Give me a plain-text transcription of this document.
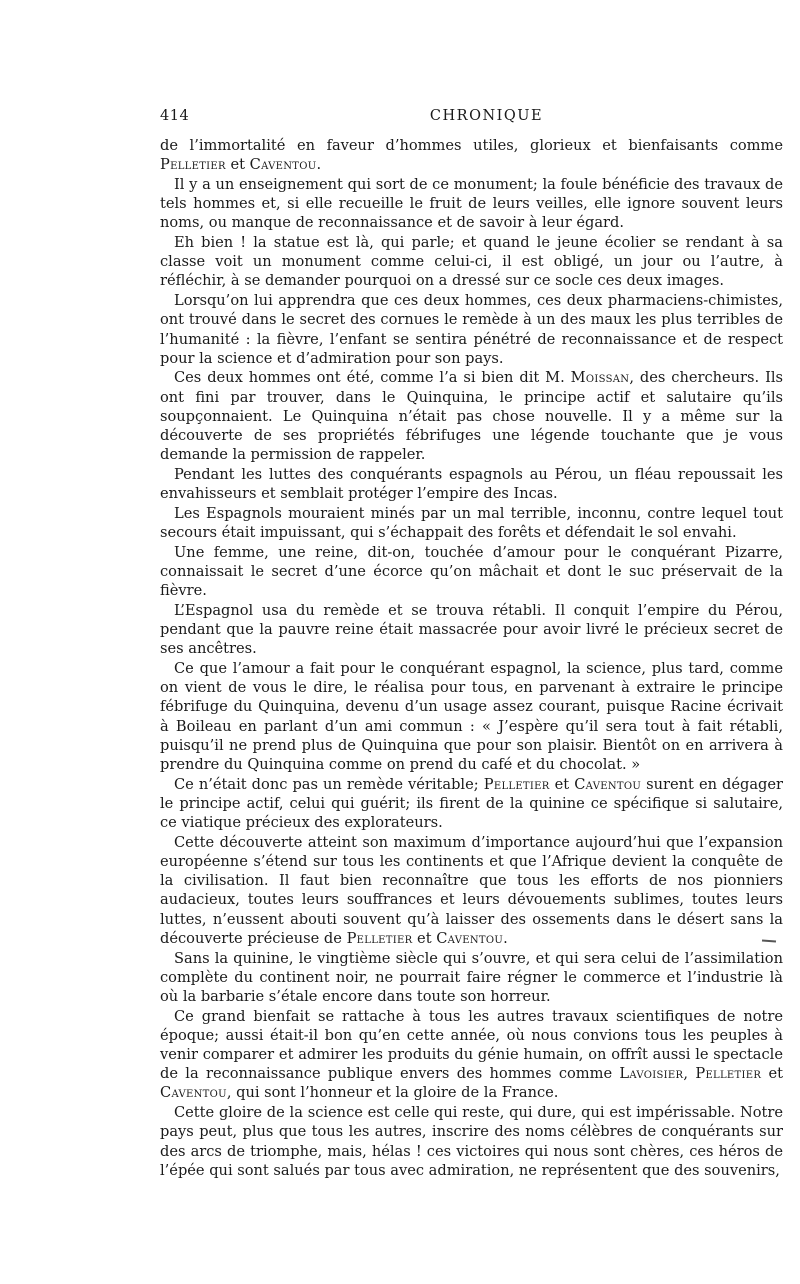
414	CHRONIQUE

de l’immortalité en faveur d’hommes utiles, glorieux et bienfaisants comme Pelletier et Caventou.

Il y a un enseignement qui sort de ce monument; la foule bénéficie des travaux de tels hommes et, si elle recueille le fruit de leurs veilles, elle ignore souvent leurs noms, ou manque de reconnaissance et de savoir à leur égard.

Eh bien ! la statue est là, qui parle; et quand le jeune écolier se rendant à sa classe voit un monument comme celui-ci, il est obligé, un jour ou l’autre, à réfléchir, à se demander pourquoi on a dressé sur ce socle ces deux images.

Lorsqu’on lui apprendra que ces deux hommes, ces deux pharmaciens-chimistes, ont trouvé dans le secret des cornues le remède à un des maux les plus terribles de l’humanité : la fièvre, l’enfant se sentira pénétré de reconnaissance et de respect pour la science et d’admiration pour son pays.

Ces deux hommes ont été, comme l’a si bien dit M. Moissan, des chercheurs. Ils ont fini par trouver, dans le Quinquina, le principe actif et salutaire qu’ils soupçonnaient. Le Quinquina n’était pas chose nouvelle. Il y a même sur la découverte de ses propriétés fébrifuges une légende touchante que je vous demande la permission de rappeler.

Pendant les luttes des conquérants espagnols au Pérou, un fléau repoussait les envahisseurs et semblait protéger l’empire des Incas.

Les Espagnols mouraient minés par un mal terrible, inconnu, contre lequel tout secours était impuissant, qui s’échappait des forêts et défendait le sol envahi.

Une femme, une reine, dit-on, touchée d’amour pour le conquérant Pizarre, connaissait le secret d’une écorce qu’on mâchait et dont le suc préservait de la fièvre.

L’Espagnol usa du remède et se trouva rétabli. Il conquit l’empire du Pérou, pendant que la pauvre reine était massacrée pour avoir livré le précieux secret de ses ancêtres.

Ce que l’amour a fait pour le conquérant espagnol, la science, plus tard, comme on vient de vous le dire, le réalisa pour tous, en parvenant à extraire le principe fébrifuge du Quinquina, devenu d’un usage assez courant, puisque Racine écrivait à Boileau en parlant d’un ami commun : « J’espère qu’il sera tout à fait rétabli, puisqu’il ne prend plus de Quinquina que pour son plaisir. Bientôt on en arrivera à prendre du Quinquina comme on prend du café et du chocolat. »

Ce n’était donc pas un remède véritable; Pelletier et Caventou surent en dégager le principe actif, celui qui guérit; ils firent de la quinine ce spécifique si salutaire, ce viatique précieux des explorateurs.

Cette découverte atteint son maximum d’importance aujourd’hui que l’expansion européenne s’étend sur tous les continents et que l’Afrique devient la conquête de la civilisation. Il faut bien reconnaître que tous les efforts de nos pionniers audacieux, toutes leurs souffrances et leurs dévouements sublimes, toutes leurs luttes, n’eussent abouti souvent qu’à laisser des ossements dans le désert sans la découverte précieuse de Pelletier et Caventou.

Sans la quinine, le vingtième siècle qui s’ouvre, et qui sera celui de l’assimilation complète du continent noir, ne pourrait faire régner le commerce et l’industrie là où la barbarie s’étale encore dans toute son horreur.

Ce grand bienfait se rattache à tous les autres travaux scientifiques de notre époque; aussi était-il bon qu’en cette année, où nous convions tous les peuples à venir comparer et admirer les produits du génie humain, on offrît aussi le spectacle de la reconnaissance publique envers des hommes comme Lavoisier, Pelletier et Caventou, qui sont l’honneur et la gloire de la France.

Cette gloire de la science est celle qui reste, qui dure, qui est impérissable. Notre pays peut, plus que tous les autres, inscrire des noms célèbres de conquérants sur des arcs de triomphe, mais, hélas ! ces victoires qui nous sont chères, ces héros de l’épée qui sont salués par tous avec admiration, ne représentent que des souvenirs,
